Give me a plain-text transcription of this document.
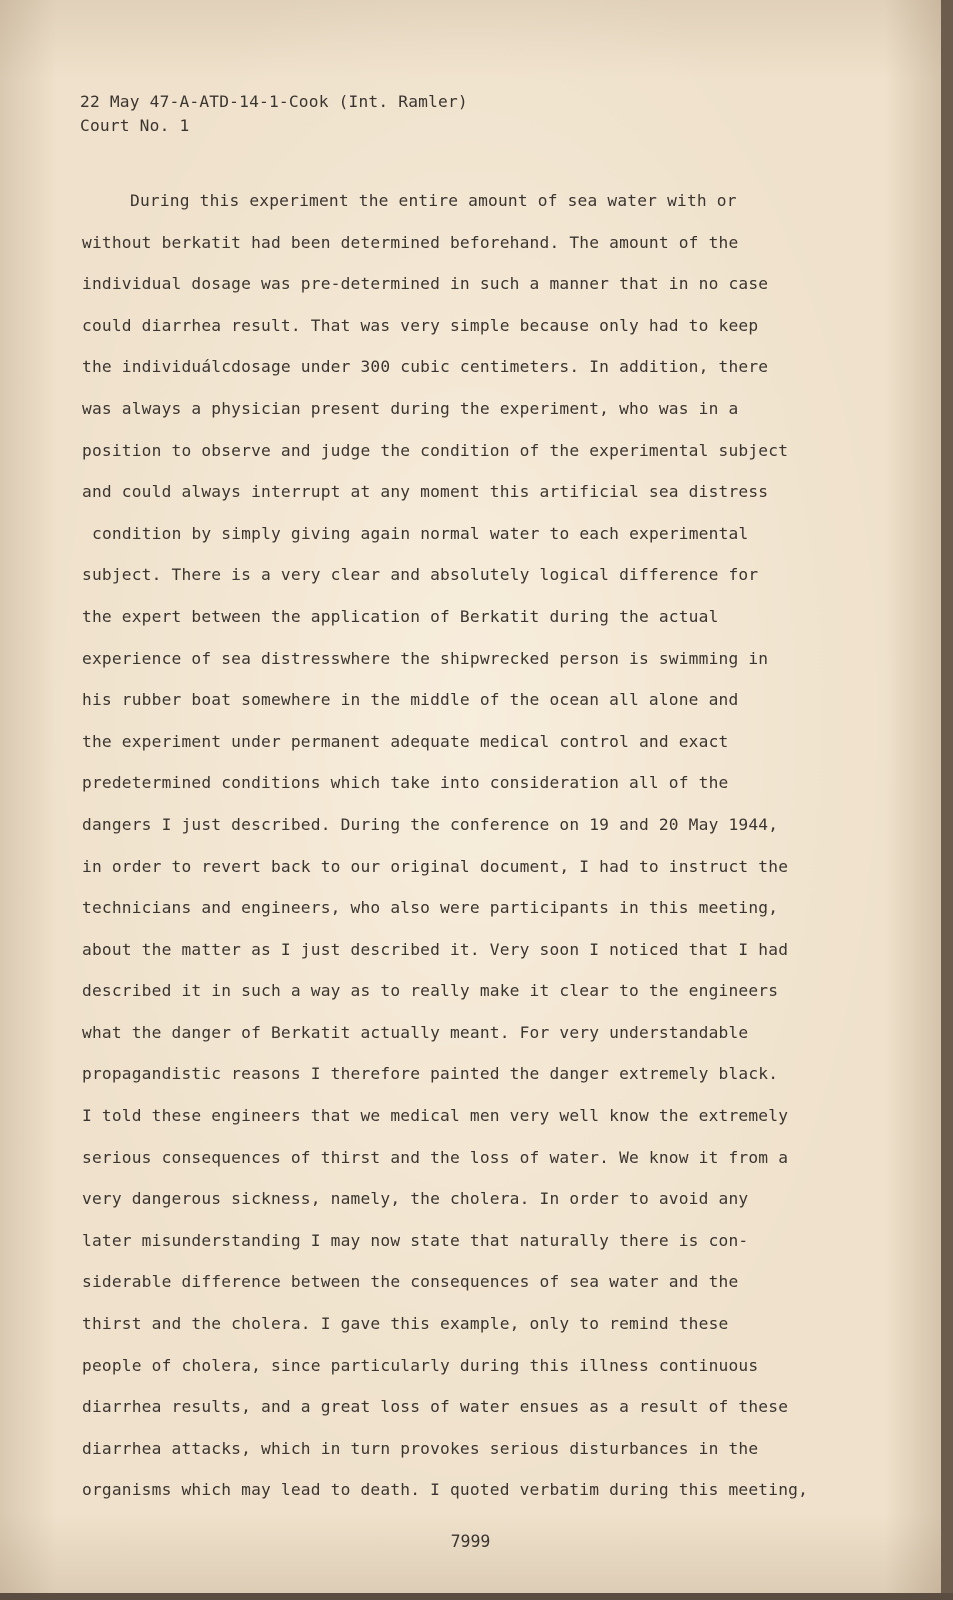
22 May 47-A-ATD-14-1-Cook (Int. Ramler)
Court No. 1
During this experiment the entire amount of sea water with or
without berkatit had been determined beforehand. The amount of the
individual dosage was pre-determined in such a manner that in no case
could diarrhea result. That was very simple because only had to keep
the individuálcdosage under 300 cubic centimeters. In addition, there
was always a physician present during the experiment, who was in a
position to observe and judge the condition of the experimental subject
and could always interrupt at any moment this artificial sea distress
condition by simply giving again normal water to each experimental
subject. There is a very clear and absolutely logical difference for
the expert between the application of Berkatit during the actual
experience of sea distresswhere the shipwrecked person is swimming in
his rubber boat somewhere in the middle of the ocean all alone and
the experiment under permanent adequate medical control and exact
predetermined conditions which take into consideration all of the
dangers I just described. During the conference on 19 and 20 May 1944,
in order to revert back to our original document, I had to instruct the
technicians and engineers, who also were participants in this meeting,
about the matter as I just described it. Very soon I noticed that I had
described it in such a way as to really make it clear to the engineers
what the danger of Berkatit actually meant. For very understandable
propagandistic reasons I therefore painted the danger extremely black.
I told these engineers that we medical men very well know the extremely
serious consequences of thirst and the loss of water. We know it from a
very dangerous sickness, namely, the cholera. In order to avoid any
later misunderstanding I may now state that naturally there is con-
siderable difference between the consequences of sea water and the
thirst and the cholera. I gave this example, only to remind these
people of cholera, since particularly during this illness continuous
diarrhea results, and a great loss of water ensues as a result of these
diarrhea attacks, which in turn provokes serious disturbances in the
organisms which may lead to death. I quoted verbatim during this meeting,
7999
